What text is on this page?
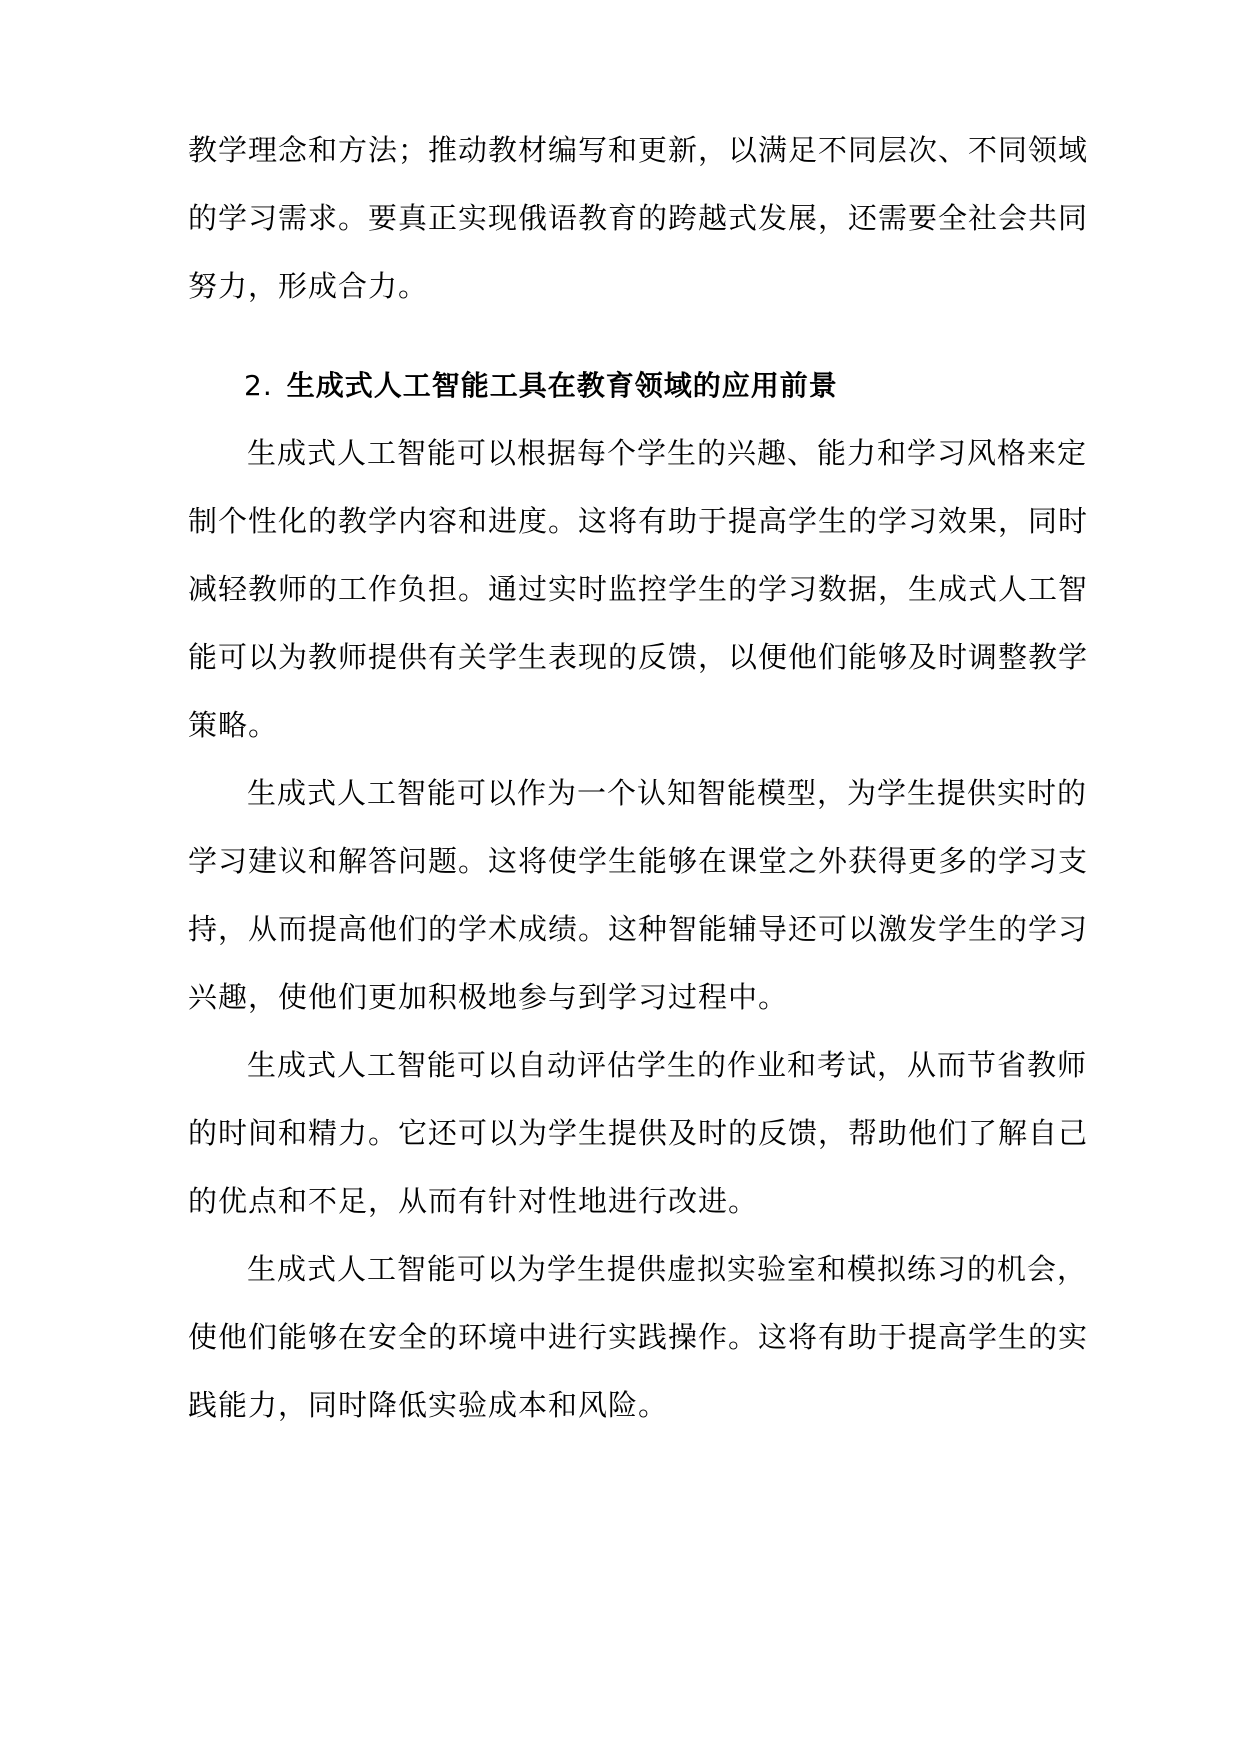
教学理念和方法；推动教材编写和更新，以满足不同层次、不同领域
的学习需求。要真正实现俄语教育的跨越式发展，还需要全社会共同
努力，形成合力。
2. 生成式人工智能工具在教育领域的应用前景
生成式人工智能可以根据每个学生的兴趣、能力和学习风格来定
制个性化的教学内容和进度。这将有助于提高学生的学习效果，同时
减轻教师的工作负担。通过实时监控学生的学习数据，生成式人工智
能可以为教师提供有关学生表现的反馈，以便他们能够及时调整教学
策略。
生成式人工智能可以作为一个认知智能模型，为学生提供实时的
学习建议和解答问题。这将使学生能够在课堂之外获得更多的学习支
持，从而提高他们的学术成绩。这种智能辅导还可以激发学生的学习
兴趣，使他们更加积极地参与到学习过程中。
生成式人工智能可以自动评估学生的作业和考试，从而节省教师
的时间和精力。它还可以为学生提供及时的反馈，帮助他们了解自己
的优点和不足，从而有针对性地进行改进。
生成式人工智能可以为学生提供虚拟实验室和模拟练习的机会，
使他们能够在安全的环境中进行实践操作。这将有助于提高学生的实
践能力，同时降低实验成本和风险。
